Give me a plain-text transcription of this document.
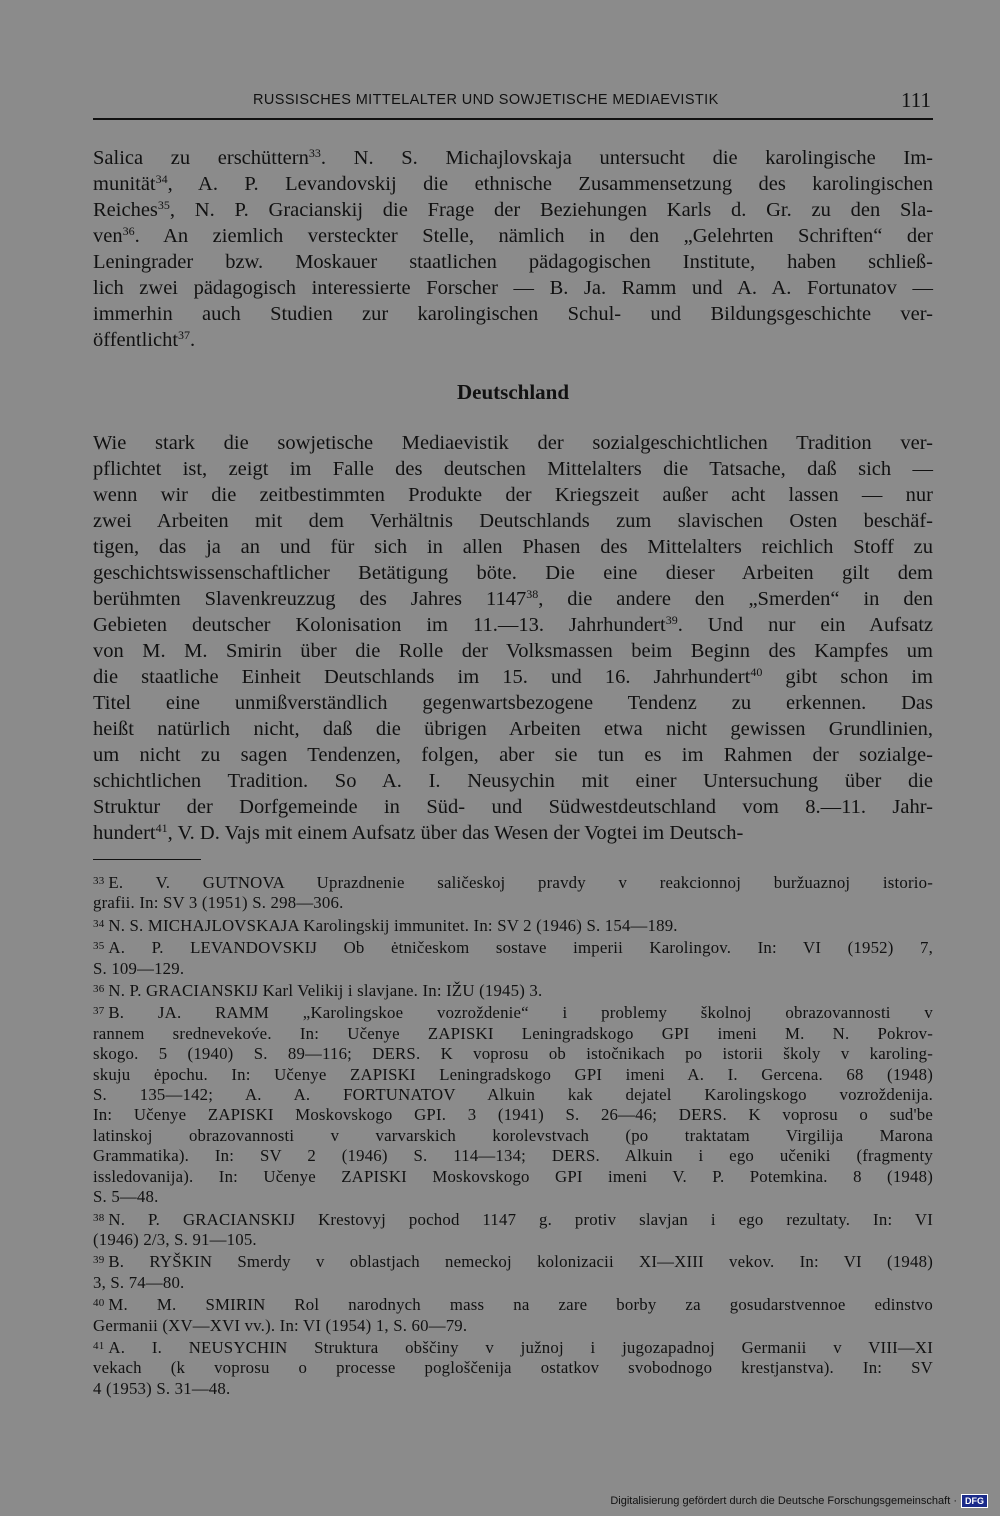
RUSSISCHES MITTELALTER UND SOWJETISCHE MEDIAEVISTIK	111
Salica zu erschüttern$^{33}$. N. S. Michajlovskaja untersucht die karolingische Im-
munität$^{34}$, A. P. Levandovskij die ethnische Zusammensetzung des karolingischen
Reiches$^{35}$, N. P. Gracianskij die Frage der Beziehungen Karls d. Gr. zu den Sla-
ven$^{36}$. An ziemlich versteckter Stelle, nämlich in den „Gelehrten Schriften“ der
Leningrader bzw. Moskauer staatlichen pädagogischen Institute, haben schließ-
lich zwei pädagogisch interessierte Forscher — B. Ja. Ramm und A. A. Fortunatov —
immerhin auch Studien zur karolingischen Schul- und Bildungsgeschichte ver-
öffentlicht$^{37}$.
Deutschland
Wie stark die sowjetische Mediaevistik der sozialgeschichtlichen Tradition ver-
pflichtet ist, zeigt im Falle des deutschen Mittelalters die Tatsache, daß sich —
wenn wir die zeitbestimmten Produkte der Kriegszeit außer acht lassen — nur
zwei Arbeiten mit dem Verhältnis Deutschlands zum slavischen Osten beschäf-
tigen, das ja an und für sich in allen Phasen des Mittelalters reichlich Stoff zu
geschichtswissenschaftlicher Betätigung böte. Die eine dieser Arbeiten gilt dem
berühmten Slavenkreuzzug des Jahres 1147$^{38}$, die andere den „Smerden“ in den
Gebieten deutscher Kolonisation im 11.—13. Jahrhundert$^{39}$. Und nur ein Aufsatz
von M. M. Smirin über die Rolle der Volksmassen beim Beginn des Kampfes um
die staatliche Einheit Deutschlands im 15. und 16. Jahrhundert$^{40}$ gibt schon im
Titel eine unmißverständlich gegenwartsbezogene Tendenz zu erkennen. Das
heißt natürlich nicht, daß die übrigen Arbeiten etwa nicht gewissen Grundlinien,
um nicht zu sagen Tendenzen, folgen, aber sie tun es im Rahmen der sozialge-
schichtlichen Tradition. So A. I. Neusychin mit einer Untersuchung über die
Struktur der Dorfgemeinde in Süd- und Südwestdeutschland vom 8.—11. Jahr-
hundert$^{41}$, V. D. Vajs mit einem Aufsatz über das Wesen der Vogtei im Deutsch-
$^{33}$ E. V. GUTNOVA Uprazdnenie saličeskoj pravdy v reakcionnoj buržuaznoj istorio-
grafii. In: SV 3 (1951) S. 298—306.
$^{34}$ N. S. MICHAJLOVSKAJA Karolingskij immunitet. In: SV 2 (1946) S. 154—189.
$^{35}$ A. P. LEVANDOVSKIJ Ob ėtničeskom sostave imperii Karolingov. In: VI (1952) 7,
S. 109—129.
$^{36}$ N. P. GRACIANSKIJ Karl Velikij i slavjane. In: IŽU (1945) 3.
$^{37}$ B. JA. RAMM „Karolingskoe vozroždenie“ i problemy školnoj obrazovannosti v
rannem srednevekov́e. In: Učenye ZAPISKI Leningradskogo GPI imeni M. N. Pokrov-
skogo. 5 (1940) S. 89—116; DERS. K voprosu ob istočnikach po istorii školy v karoling-
skuju ėpochu. In: Učenye ZAPISKI Leningradskogo GPI imeni A. I. Gercena. 68 (1948)
S. 135—142; A. A. FORTUNATOV Alkuin kak dejatel Karolingskogo vozroždenija.
In: Učenye ZAPISKI Moskovskogo GPI. 3 (1941) S. 26—46; DERS. K voprosu o sud'be
latinskoj obrazovannosti v varvarskich korolevstvach (po traktatam Virgilija Marona
Grammatika). In: SV 2 (1946) S. 114—134; DERS. Alkuin i ego učeniki (fragmenty
issledovanija). In: Učenye ZAPISKI Moskovskogo GPI imeni V. P. Potemkina. 8 (1948)
S. 5—48.
$^{38}$ N. P. GRACIANSKIJ Krestovyj pochod 1147 g. protiv slavjan i ego rezultaty. In: VI
(1946) 2/3, S. 91—105.
$^{39}$ B. RYŠKIN Smerdy v oblastjach nemeckoj kolonizacii XI—XIII vekov. In: VI (1948)
3, S. 74—80.
$^{40}$ M. M. SMIRIN Rol narodnych mass na zare borby za gosudarstvennoe edinstvo
Germanii (XV—XVI vv.). In: VI (1954) 1, S. 60—79.
$^{41}$ A. I. NEUSYCHIN Struktura obščiny v južnoj i jugozapadnoj Germanii v VIII—XI
vekach (k voprosu o processe pogloščenija ostatkov svobodnogo krestjanstva). In: SV
4 (1953) S. 31—48.
Digitalisierung gefördert durch die Deutsche Forschungsgemeinschaft · DFG
